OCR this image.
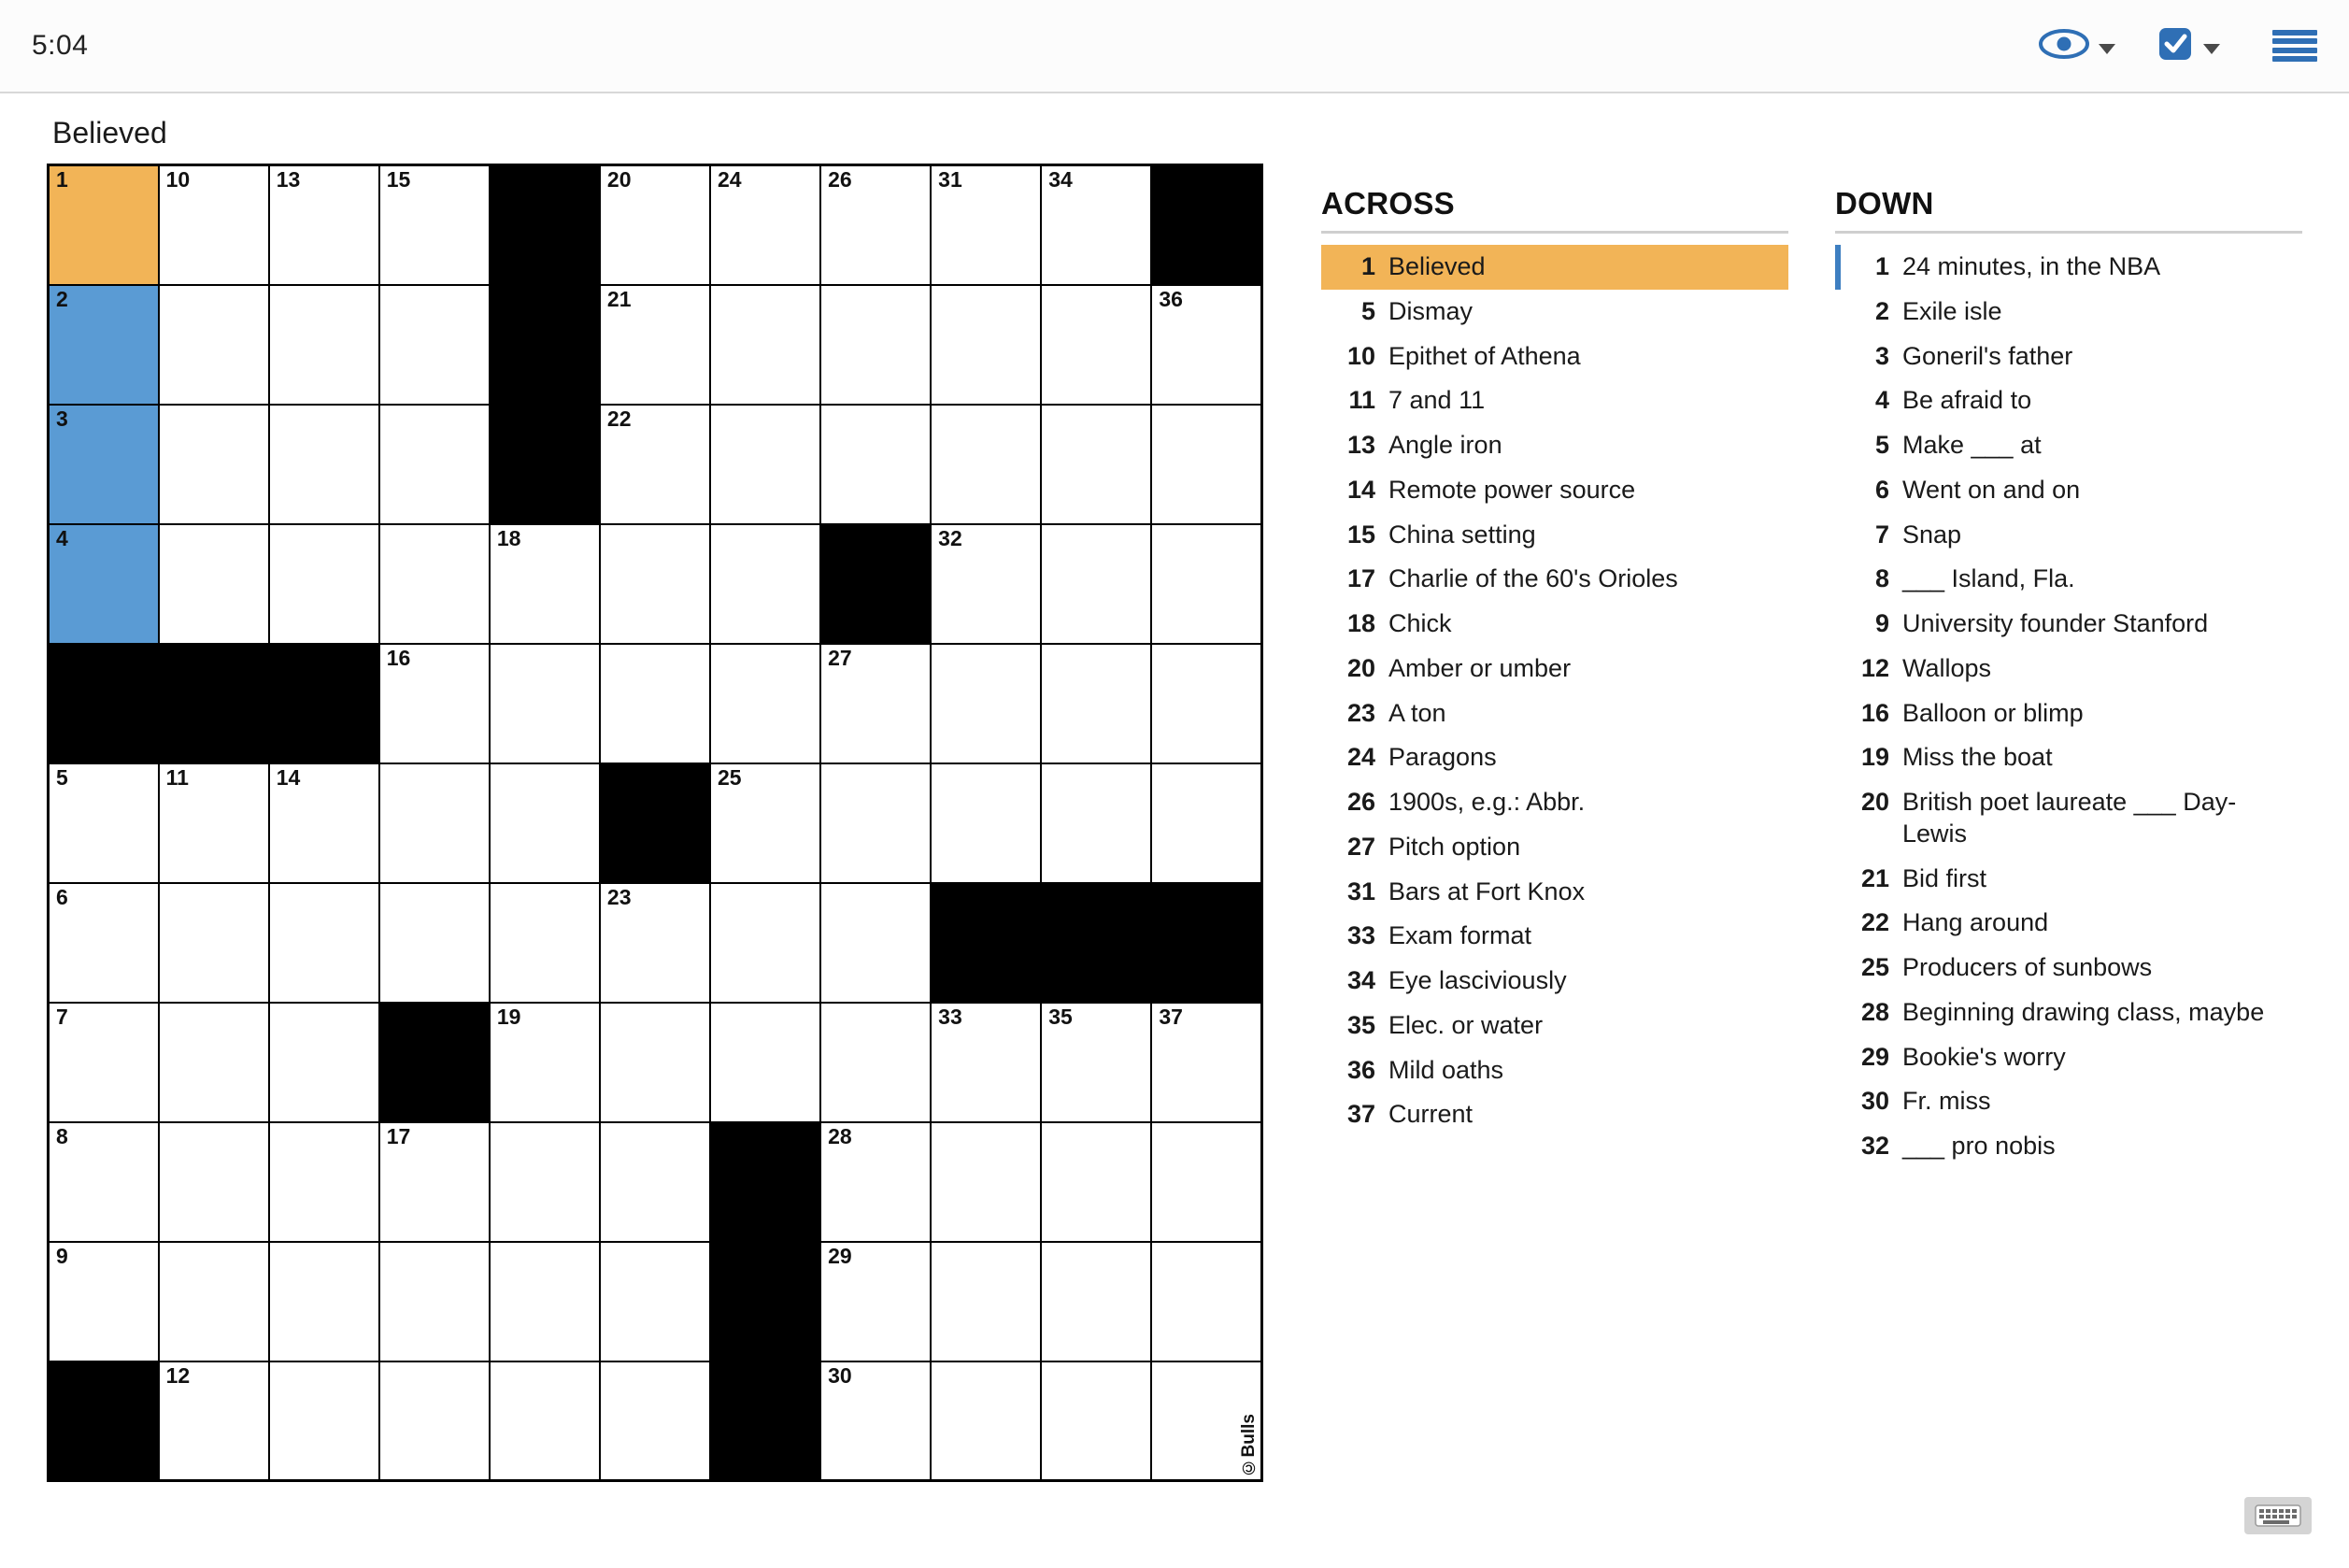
5:04
Believed
1	10	13	15		20	24	26	31	34	

2					21					36

3					22					

4				18				32		

			16				27			

5	11	14				25				

6					23					

7				19				33	35	37

8			17				28			

9							29			

	12						30			

©Bulls
ACROSS
1 Believed
5 Dismay
10 Epithet of Athena
11 7 and 11
13 Angle iron
14 Remote power source
15 China setting
17 Charlie of the 60's Orioles
18 Chick
20 Amber or umber
23 A ton
24 Paragons
26 1900s, e.g.: Abbr.
27 Pitch option
31 Bars at Fort Knox
33 Exam format
34 Eye lasciviously
35 Elec. or water
36 Mild oaths
37 Current
DOWN
1 24 minutes, in the NBA
2 Exile isle
3 Goneril's father
4 Be afraid to
5 Make ___ at
6 Went on and on
7 Snap
8 ___ Island, Fla.
9 University founder Stanford
12 Wallops
16 Balloon or blimp
19 Miss the boat
20 British poet laureate ___ Day-Lewis
21 Bid first
22 Hang around
25 Producers of sunbows
28 Beginning drawing class, maybe
29 Bookie's worry
30 Fr. miss
32 ___ pro nobis
